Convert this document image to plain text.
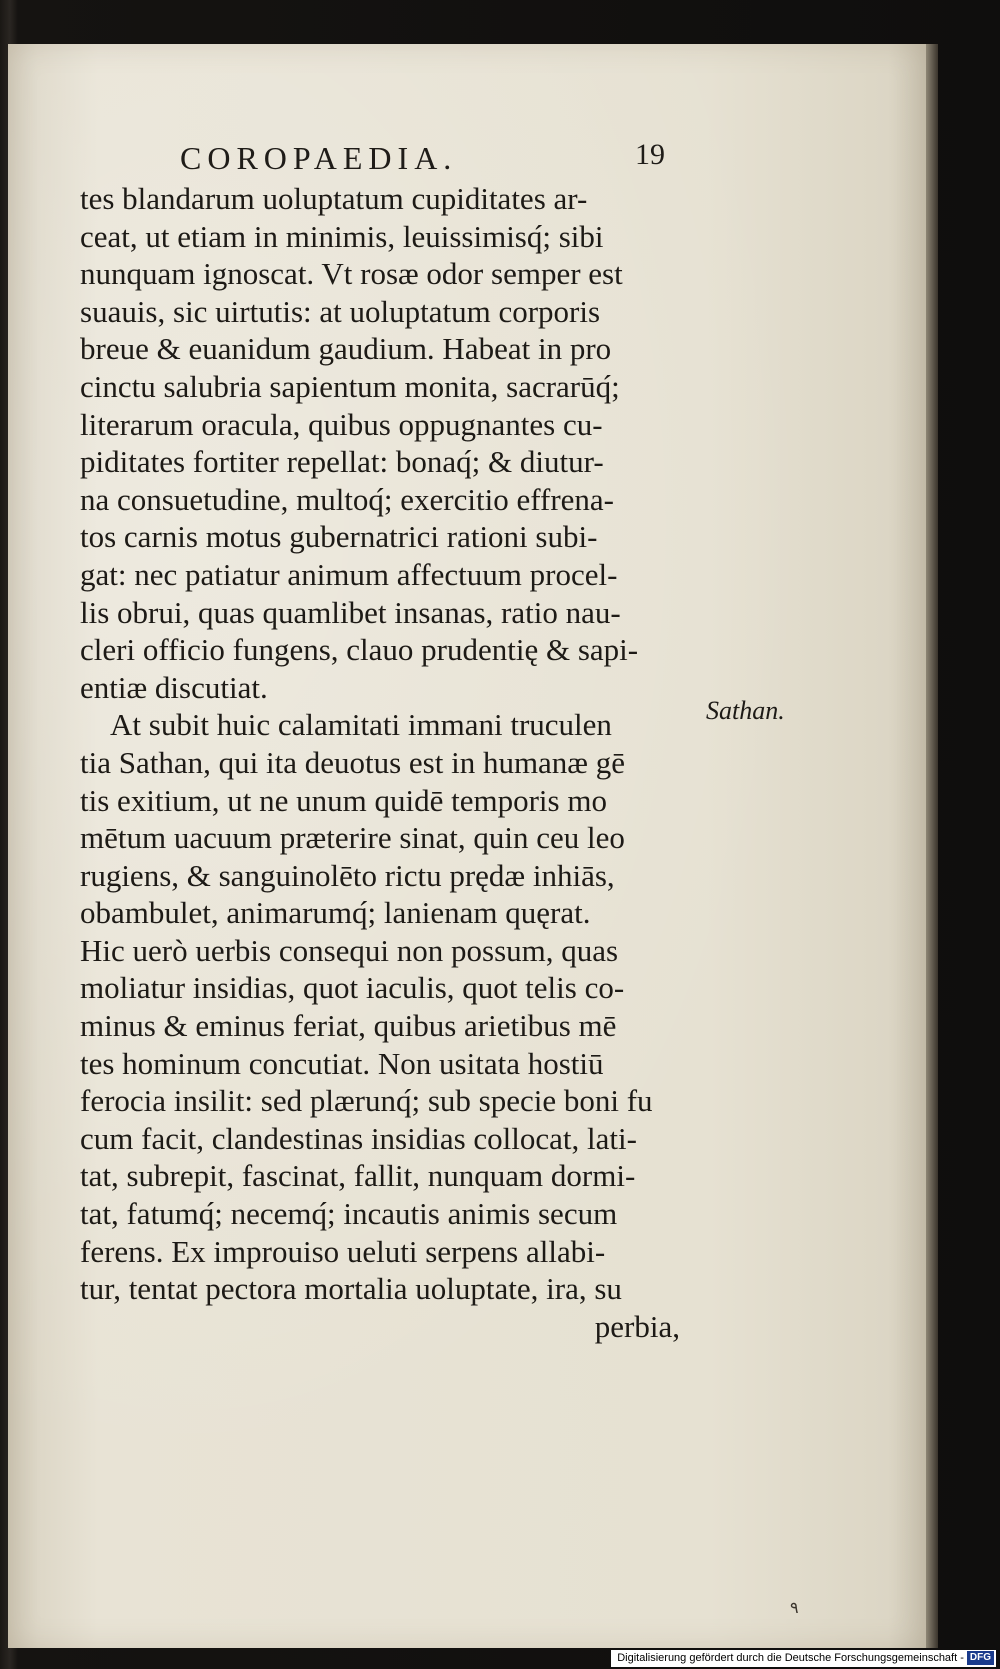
COROPAEDIA.	19
tes blandarum uoluptatum cupiditates ar-
ceat, ut etiam in minimis, leuissimisq́; sibi
nunquam ignoscat. Vt rosæ odor semper est
suauis, sic uirtutis: at uoluptatum corporis
breue & euanidum gaudium. Habeat in pro
cinctu salubria sapientum monita, sacrarūq́;
literarum oracula, quibus oppugnantes cu-
piditates fortiter repellat: bonaq́; & diutur-
na consuetudine, multoq́; exercitio effrena-
tos carnis motus gubernatrici rationi subi-
gat: nec patiatur animum affectuum procel-
lis obrui, quas quamlibet insanas, ratio nau-
cleri officio fungens, clauo prudentię & sapi-
entiæ discutiat.
At subit huic calamitati immani truculen
tia Sathan, qui ita deuotus est in humanæ gē
tis exitium, ut ne unum quidē temporis mo
mētum uacuum præterire sinat, quin ceu leo
rugiens, & sanguinolēto rictu prędæ inhiās,
obambulet, animarumq́; lanienam quęrat.
Hic uerò uerbis consequi non possum, quas
moliatur insidias, quot iaculis, quot telis co-
minus & eminus feriat, quibus arietibus mē
tes hominum concutiat. Non usitata hostiū
ferocia insilit: sed plærunq́; sub specie boni fu
cum facit, clandestinas insidias collocat, lati-
tat, subrepit, fascinat, fallit, nunquam dormi-
tat, fatumq́; necemq́; incautis animis secum
ferens. Ex improuiso ueluti serpens allabi-
tur, tentat pectora mortalia uoluptate, ira, su
perbia,
Sathan.
٩
Digitalisierung gefördert durch die Deutsche Forschungsgemeinschaft - DFG
